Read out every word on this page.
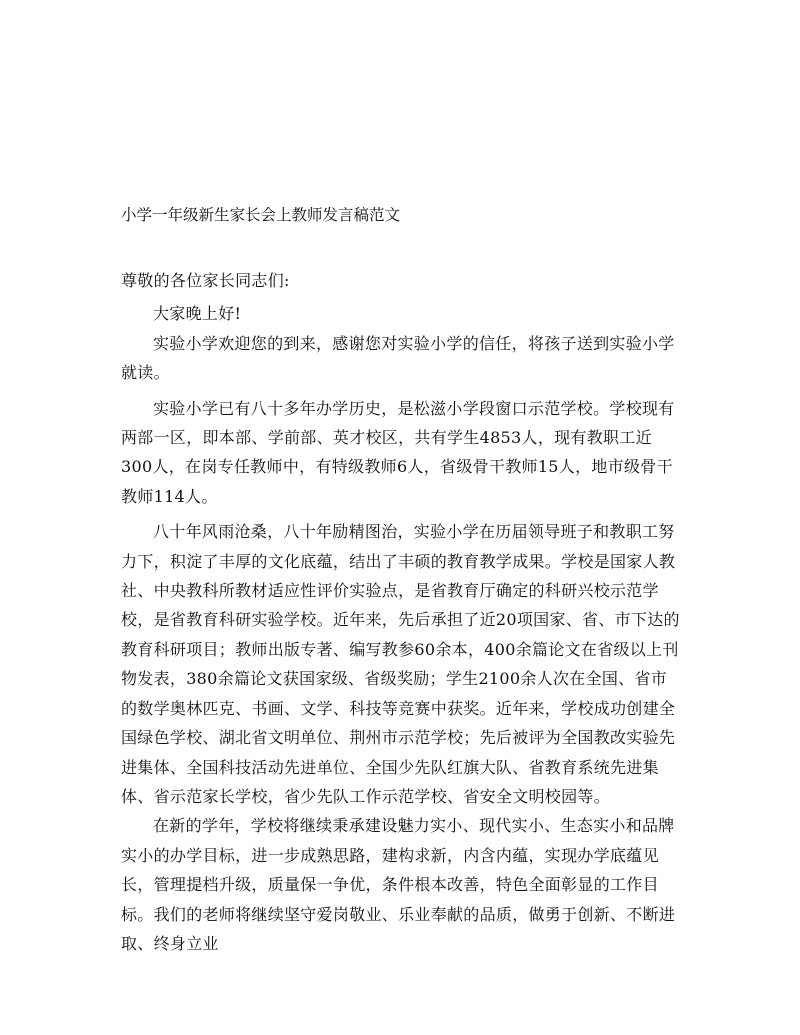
小学一年级新生家长会上教师发言稿范文

尊敬的各位家长同志们:

大家晚上好!

实验小学欢迎您的到来，感谢您对实验小学的信任，将孩子送到实验小学就读。

实验小学已有八十多年办学历史，是松滋小学段窗口示范学校。学校现有两部一区，即本部、学前部、英才校区，共有学生4853人，现有教职工近300人，在岗专任教师中，有特级教师6人，省级骨干教师15人，地市级骨干教师114人。

八十年风雨沧桑，八十年励精图治，实验小学在历届领导班子和教职工努力下，积淀了丰厚的文化底蕴，结出了丰硕的教育教学成果。学校是国家人教社、中央教科所教材适应性评价实验点，是省教育厅确定的科研兴校示范学校，是省教育科研实验学校。近年来，先后承担了近20项国家、省、市下达的教育科研项目；教师出版专著、编写教参60余本，400余篇论文在省级以上刊物发表，380余篇论文获国家级、省级奖励；学生2100余人次在全国、省市的数学奥林匹克、书画、文学、科技等竞赛中获奖。近年来，学校成功创建全国绿色学校、湖北省文明单位、荆州市示范学校；先后被评为全国教改实验先进集体、全国科技活动先进单位、全国少先队红旗大队、省教育系统先进集体、省示范家长学校，省少先队工作示范学校、省安全文明校园等。

在新的学年，学校将继续秉承建设魅力实小、现代实小、生态实小和品牌实小的办学目标，进一步成熟思路，建构求新，内含内蕴，实现办学底蕴见长，管理提档升级，质量保一争优，条件根本改善，特色全面彰显的工作目标。我们的老师将继续坚守爱岗敬业、乐业奉献的品质，做勇于创新、不断进取、终身立业
